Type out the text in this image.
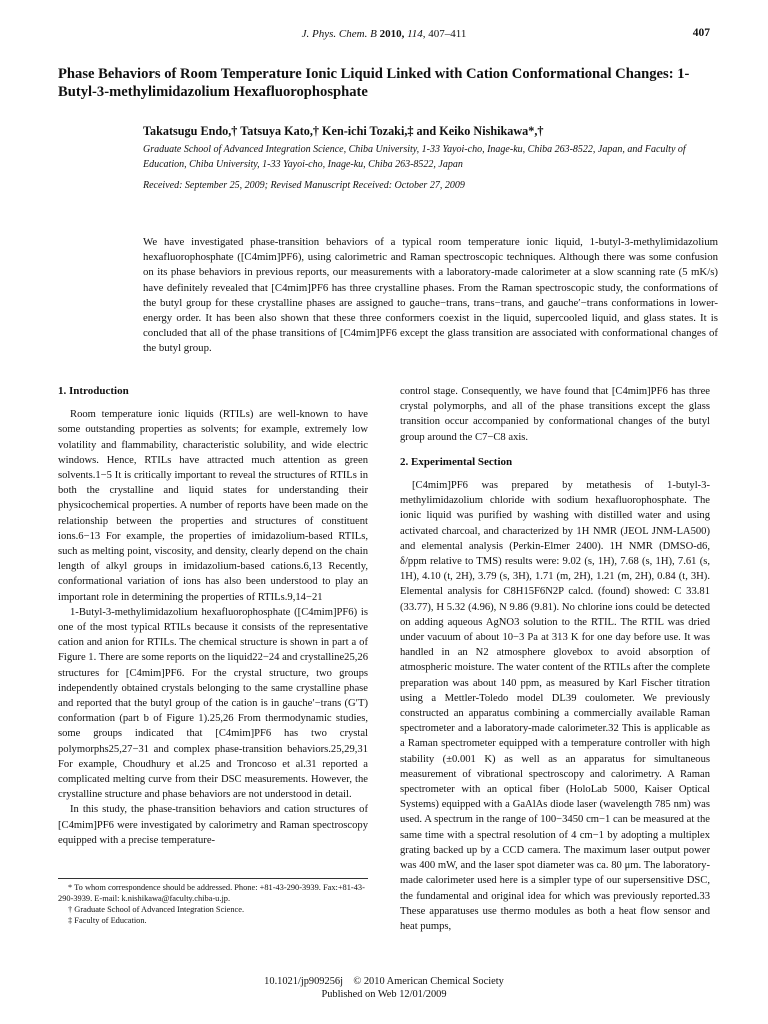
J. Phys. Chem. B 2010, 114, 407–411	407
Phase Behaviors of Room Temperature Ionic Liquid Linked with Cation Conformational Changes: 1-Butyl-3-methylimidazolium Hexafluorophosphate
Takatsugu Endo,† Tatsuya Kato,† Ken-ichi Tozaki,‡ and Keiko Nishikawa*,†
Graduate School of Advanced Integration Science, Chiba University, 1-33 Yayoi-cho, Inage-ku, Chiba 263-8522, Japan, and Faculty of Education, Chiba University, 1-33 Yayoi-cho, Inage-ku, Chiba 263-8522, Japan
Received: September 25, 2009; Revised Manuscript Received: October 27, 2009

We have investigated phase-transition behaviors of a typical room temperature ionic liquid, 1-butyl-3-methylimidazolium hexafluorophosphate ([C4mim]PF6), using calorimetric and Raman spectroscopic techniques. Although there was some confusion on its phase behaviors in previous reports, our measurements with a laboratory-made calorimeter at a slow scanning rate (5 mK/s) have definitely revealed that [C4mim]PF6 has three crystalline phases. From the Raman spectroscopic study, the conformations of the butyl group for these crystalline phases are assigned to gauche−trans, trans−trans, and gauche′−trans conformations in lower-energy order. It has been also shown that these three conformers coexist in the liquid, supercooled liquid, and glass states. It is concluded that all of the phase transitions of [C4mim]PF6 except the glass transition are associated with conformational changes of the butyl group.

1. Introduction

Room temperature ionic liquids (RTILs) are well-known to have some outstanding properties as solvents; for example, extremely low volatility and flammability, characteristic solubility, and wide electric windows. Hence, RTILs have attracted much attention as green solvents.1−5 It is critically important to reveal the structures of RTILs in both the crystalline and liquid states for understanding their physicochemical properties. A number of reports have been made on the relationship between the properties and structures of constituent ions.6−13 For example, the properties of imidazolium-based RTILs, such as melting point, viscosity, and density, clearly depend on the chain length of alkyl groups in imidazolium-based cations.6,13 Recently, conformational variation of ions has also been understood to play an important role in determining the properties of RTILs.9,14−21

1-Butyl-3-methylimidazolium hexafluorophosphate ([C4mim]PF6) is one of the most typical RTILs because it consists of the representative cation and anion for RTILs. The chemical structure is shown in part a of Figure 1. There are some reports on the liquid22−24 and crystalline25,26 structures for [C4mim]PF6. For the crystal structure, two groups independently obtained crystals belonging to the same crystalline phase and reported that the butyl group of the cation is in gauche′−trans (G′T) conformation (part b of Figure 1).25,26 From thermodynamic studies, some groups indicated that [C4mim]PF6 has two crystal polymorphs25,27−31 and complex phase-transition behaviors.25,29,31 For example, Choudhury et al.25 and Troncoso et al.31 reported a complicated melting curve from their DSC measurements. However, the crystalline structure and phase behaviors are not understood in detail.

In this study, the phase-transition behaviors and cation structures of [C4mim]PF6 were investigated by calorimetry and Raman spectroscopy equipped with a precise temperature-

* To whom correspondence should be addressed. Phone: +81-43-290-3939. Fax:+81-43-290-3939. E-mail: k.nishikawa@faculty.chiba-u.jp.
† Graduate School of Advanced Integration Science.
‡ Faculty of Education.

control stage. Consequently, we have found that [C4mim]PF6 has three crystal polymorphs, and all of the phase transitions except the glass transition occur accompanied by conformational changes of the butyl group around the C7−C8 axis.

2. Experimental Section

[C4mim]PF6 was prepared by metathesis of 1-butyl-3-methylimidazolium chloride with sodium hexafluorophosphate. The ionic liquid was purified by washing with distilled water and using activated charcoal, and characterized by 1H NMR (JEOL JNM-LA500) and elemental analysis (Perkin-Elmer 2400). 1H NMR (DMSO-d6, δ/ppm relative to TMS) results were: 9.02 (s, 1H), 7.68 (s, 1H), 7.61 (s, 1H), 4.10 (t, 2H), 3.79 (s, 3H), 1.71 (m, 2H), 1.21 (m, 2H), 0.84 (t, 3H). Elemental analysis for C8H15F6N2P calcd. (found) showed: C 33.81 (33.77), H 5.32 (4.96), N 9.86 (9.81). No chlorine ions could be detected on adding aqueous AgNO3 solution to the RTIL. The RTIL was dried under vacuum of about 10−3 Pa at 313 K for one day before use. It was handled in an N2 atmosphere glovebox to avoid absorption of atmospheric moisture. The water content of the RTILs after the complete preparation was about 140 ppm, as measured by Karl Fischer titration using a Mettler-Toledo model DL39 coulometer. We previously constructed an apparatus combining a commercially available Raman spectrometer and a laboratory-made calorimeter.32 This is applicable as a Raman spectrometer equipped with a temperature controller with high stability (±0.001 K) as well as an apparatus for simultaneous measurement of vibrational spectroscopy and calorimetry. A Raman spectrometer with an optical fiber (HoloLab 5000, Kaiser Optical Systems) equipped with a GaAlAs diode laser (wavelength 785 nm) was used. A spectrum in the range of 100−3450 cm−1 can be measured at the same time with a spectral resolution of 4 cm−1 by adopting a multiplex grating backed up by a CCD camera. The maximum laser output power was 400 mW, and the laser spot diameter was ca. 80 μm. The laboratory-made calorimeter used here is a simpler type of our supersensitive DSC, the fundamental and original idea for which was previously reported.33 These apparatuses use thermo modules as both a heat flow sensor and heat pumps,

10.1021/jp909256j    © 2010 American Chemical Society
Published on Web 12/01/2009
